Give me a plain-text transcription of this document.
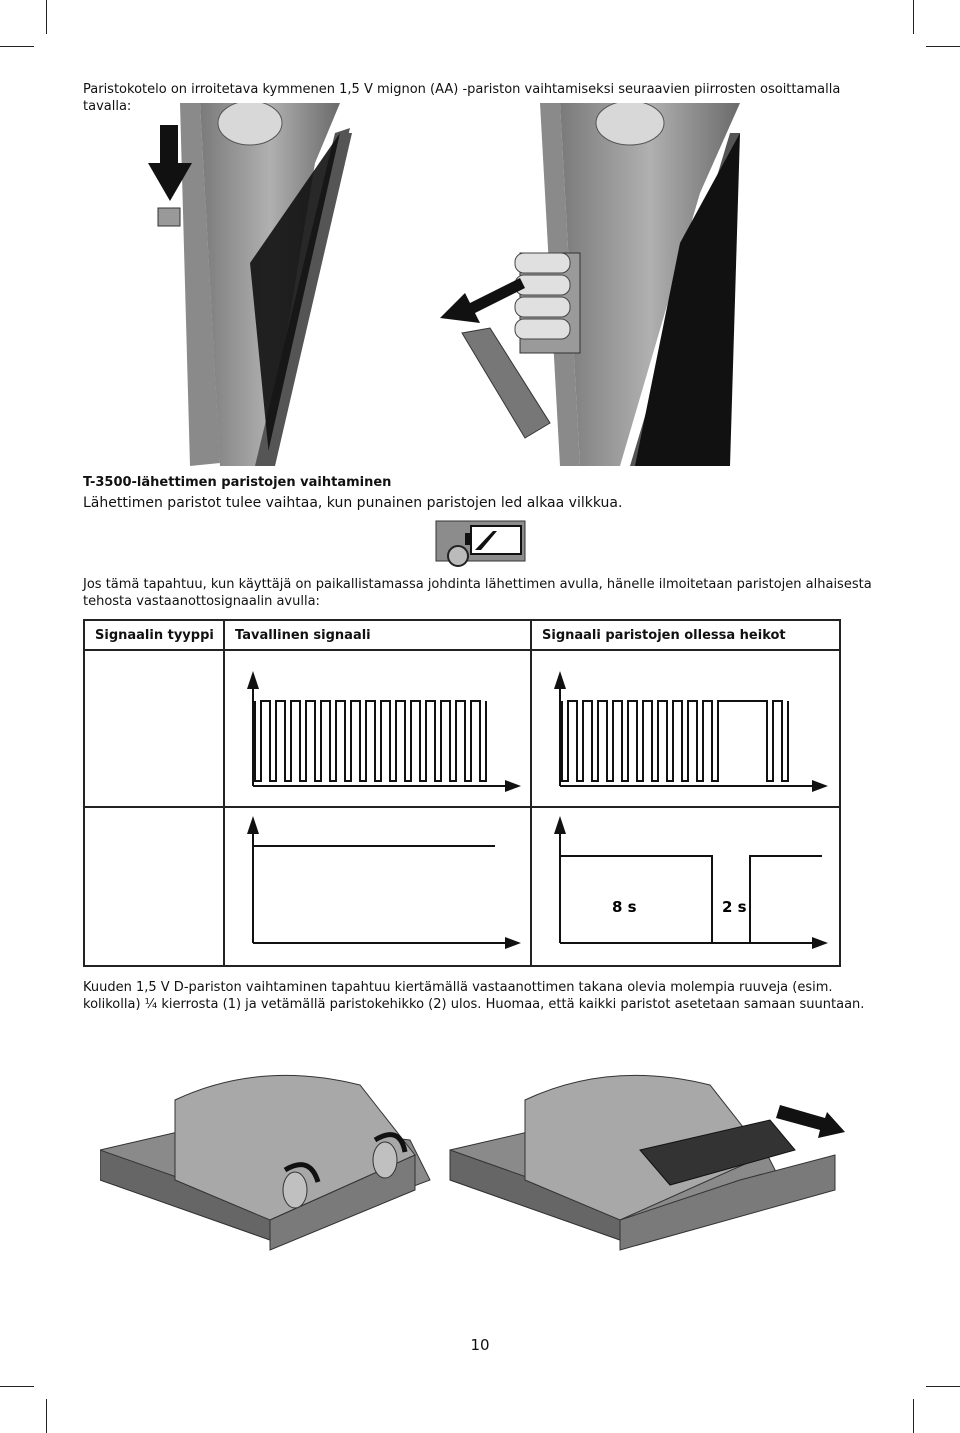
Paristokotelo on irroitetava kymmenen 1,5 V mignon (AA) -pariston vaihtamiseksi seuraavien piirrosten osoittamalla tavalla:
T-3500-lähettimen paristojen vaihtaminen
Lähettimen paristot tulee vaihtaa, kun punainen paristojen led alkaa vilkkua.
Jos tämä tapahtuu, kun käyttäjä on paikallistamassa johdinta lähettimen avulla, hänelle ilmoitetaan paristojen alhaisesta tehosta vastaanottosignaalin avulla:
Signaalin tyyppi	Tavallinen signaali	Signaali paristojen ollessa heikot

8 s 2 s
Kuuden 1,5 V D-pariston vaihtaminen tapahtuu kiertämällä vastaanottimen takana olevia molempia ruuveja (esim. kolikolla) ¼ kierrosta (1) ja vetämällä paristokehikko (2) ulos. Huomaa, että kaikki paristot asetetaan samaan suuntaan.
10
